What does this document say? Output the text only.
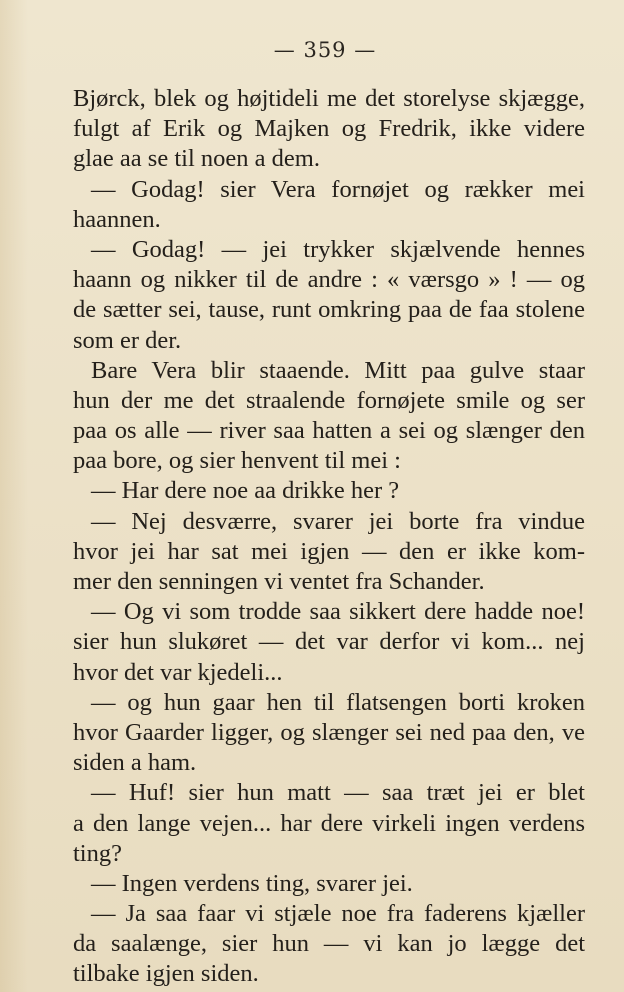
— 359 —
Bjørck, blek og højtideli me det storelyse skjægge,
fulgt af Erik og Majken og Fredrik, ikke videre
glae aa se til noen a dem.
— Godag! sier Vera fornøjet og rækker mei
haannen.
— Godag! — jei trykker skjælvende hennes
haann og nikker til de andre : « værsgo » ! — og
de sætter sei, tause, runt omkring paa de faa stolene
som er der.
Bare Vera blir staaende. Mitt paa gulve staar
hun der me det straalende fornøjete smile og ser
paa os alle — river saa hatten a sei og slænger den
paa bore, og sier henvent til mei :
— Har dere noe aa drikke her ?
— Nej desværre, svarer jei borte fra vindue
hvor jei har sat mei igjen — den er ikke kom-
mer den senningen vi ventet fra Schander.
— Og vi som trodde saa sikkert dere hadde noe!
sier hun slukøret — det var derfor vi kom... nej
hvor det var kjedeli...
— og hun gaar hen til flatsengen borti kroken
hvor Gaarder ligger, og slænger sei ned paa den, ve
siden a ham.
— Huf! sier hun matt — saa træt jei er blet
a den lange vejen... har dere virkeli ingen verdens
ting?
— Ingen verdens ting, svarer jei.
— Ja saa faar vi stjæle noe fra faderens kjæller
da saalænge, sier hun — vi kan jo lægge det
tilbake igjen siden.
